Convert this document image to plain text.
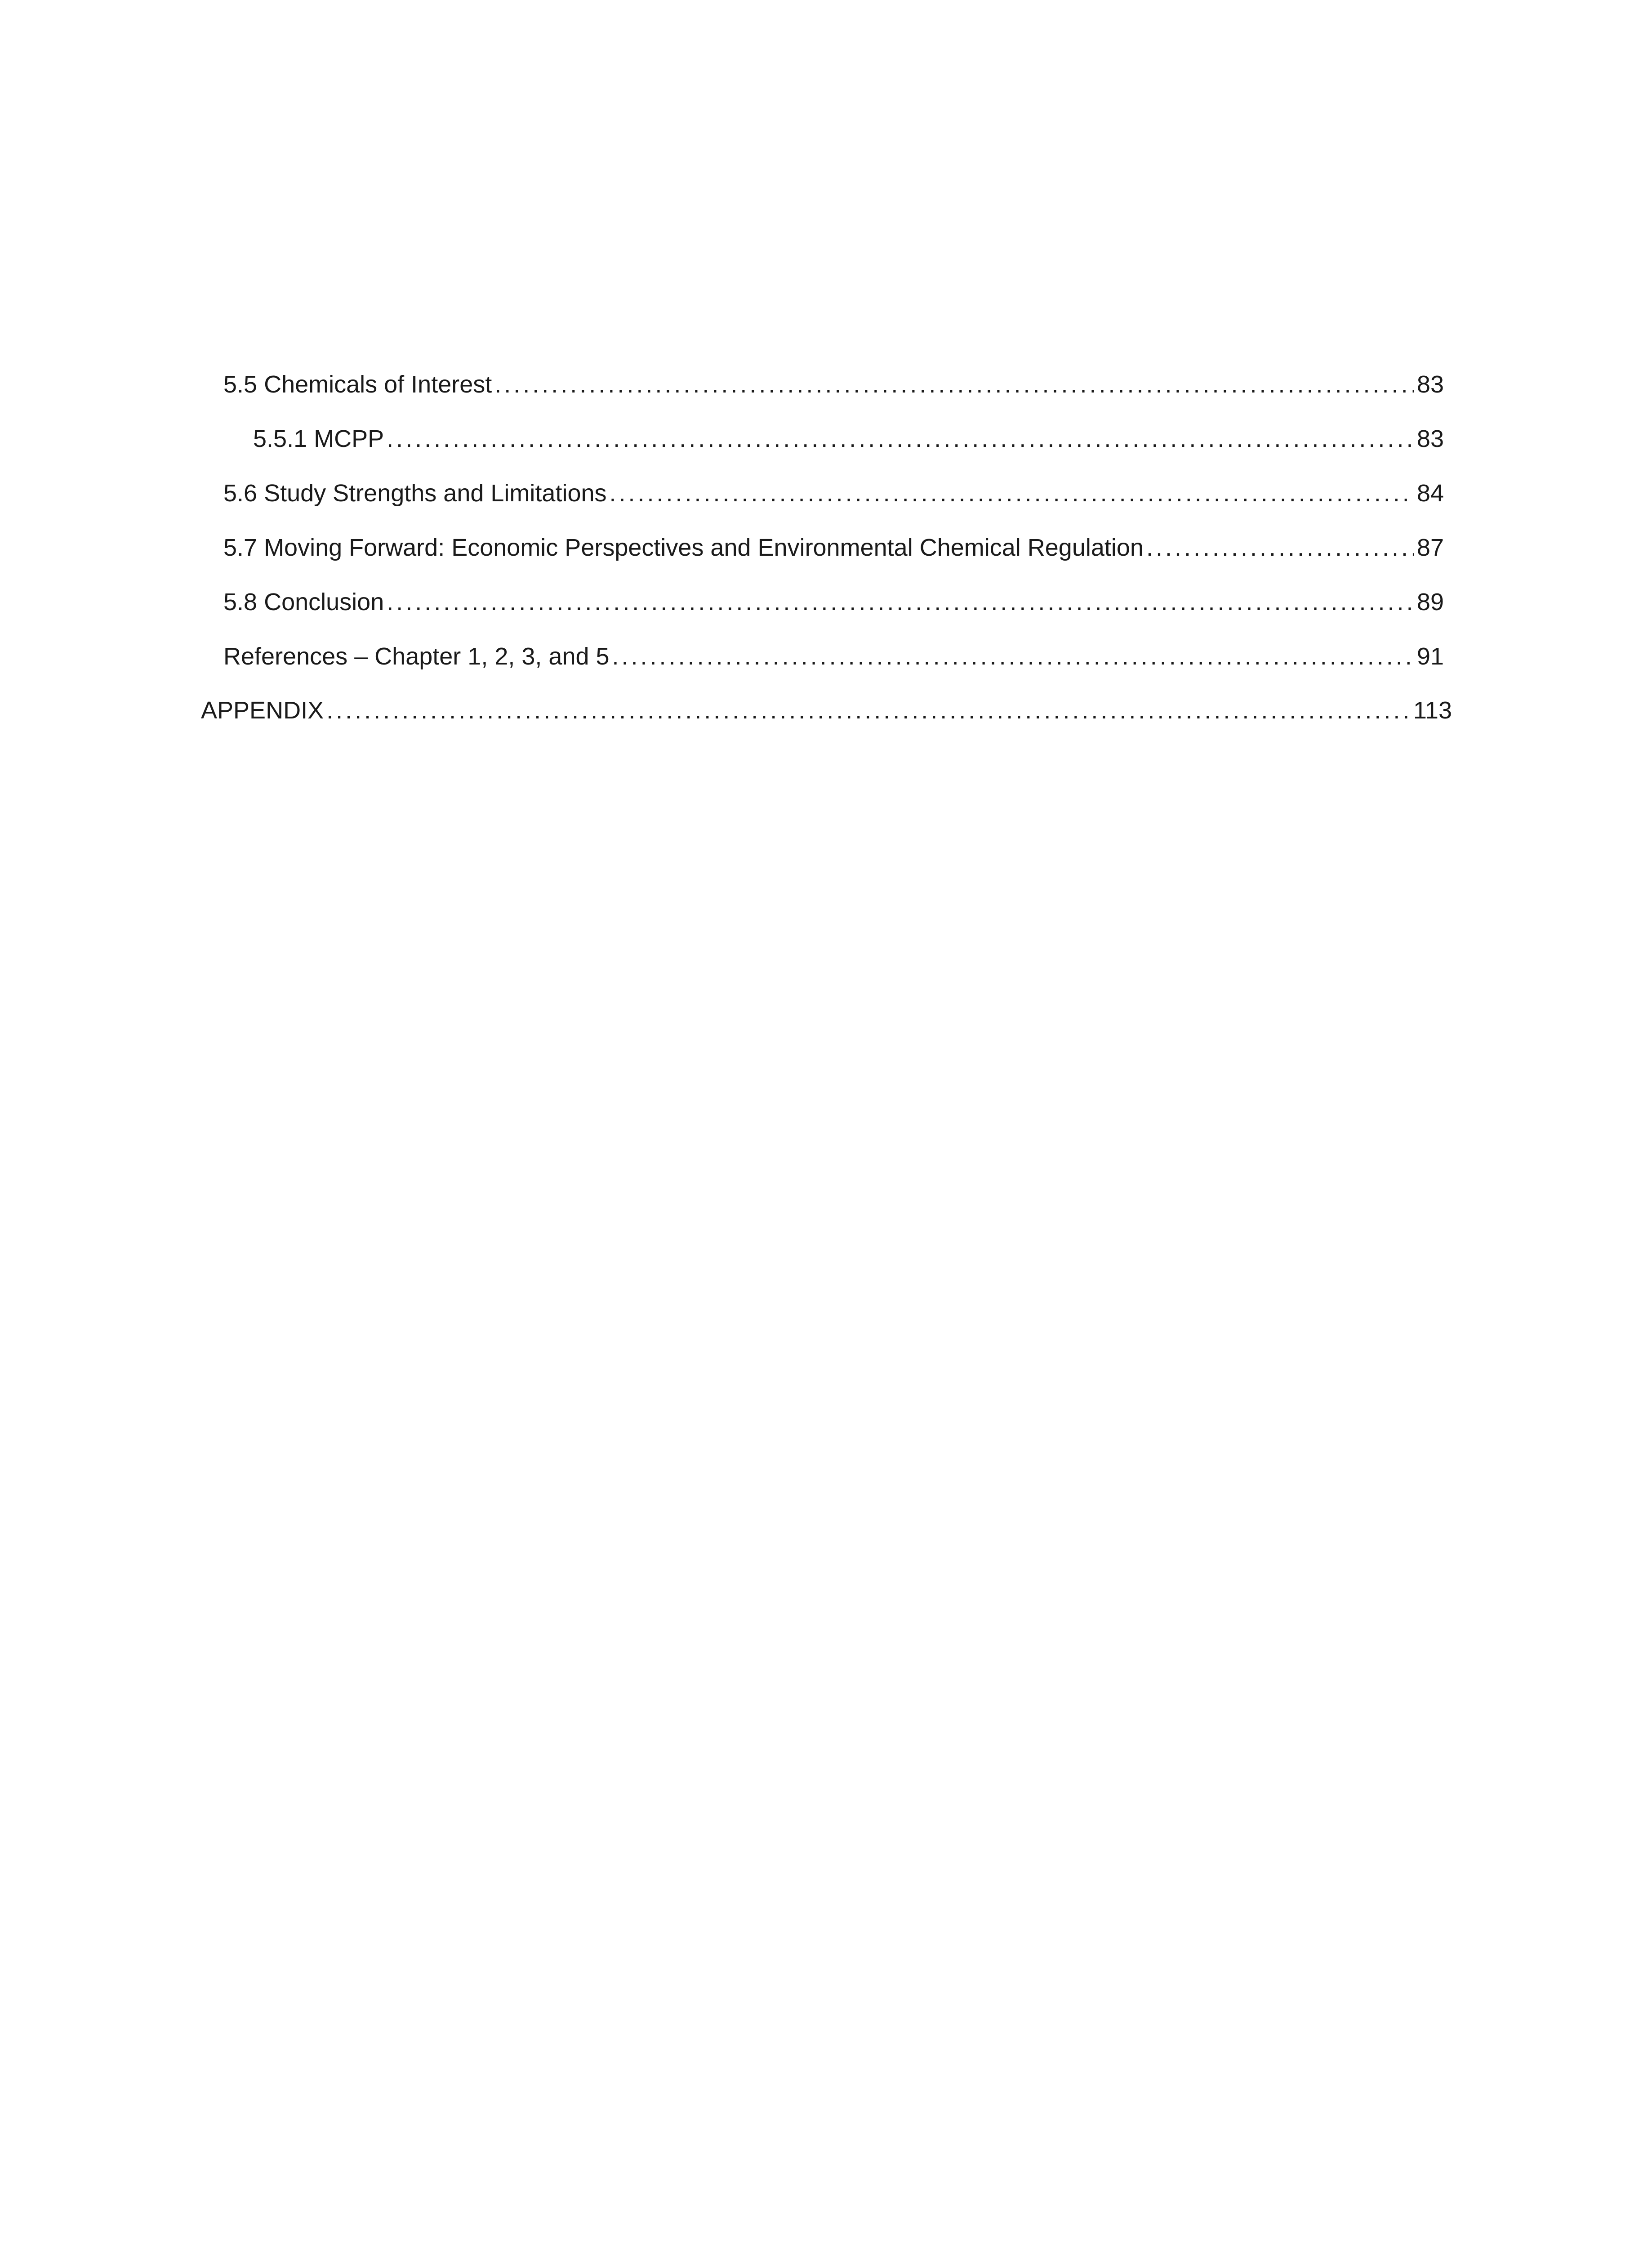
5.5 Chemicals of Interest .....	83
5.5.1 MCPP .....	83
5.6 Study Strengths and Limitations .....	84
5.7 Moving Forward: Economic Perspectives and Environmental Chemical Regulation .....	87
5.8 Conclusion .....	89
References – Chapter 1, 2, 3, and 5 .....	91
APPENDIX .....	113
